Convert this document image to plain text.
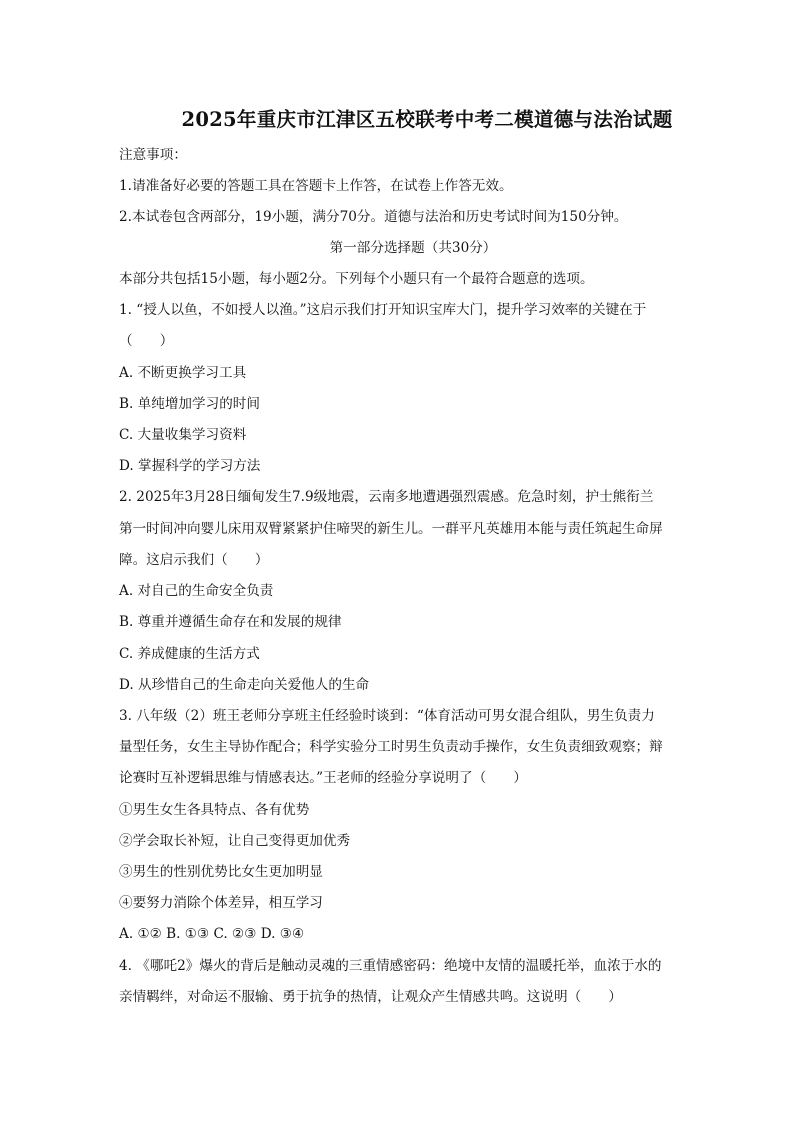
2025年重庆市江津区五校联考中考二模道德与法治试题

注意事项：

1.请准备好必要的答题工具在答题卡上作答，在试卷上作答无效。

2.本试卷包含两部分，19小题，满分70分。道德与法治和历史考试时间为150分钟。

第一部分选择题（共30分）

本部分共包括15小题，每小题2分。下列每个小题只有一个最符合题意的选项。

1. “授人以鱼，不如授人以渔。”这启示我们打开知识宝库大门，提升学习效率的关键在于

（　　）

A. 不断更换学习工具

B. 单纯增加学习的时间

C. 大量收集学习资料

D. 掌握科学的学习方法

2. 2025年3月28日缅甸发生7.9级地震，云南多地遭遇强烈震感。危急时刻，护士熊衔兰

第一时间冲向婴儿床用双臂紧紧护住啼哭的新生儿。一群平凡英雄用本能与责任筑起生命屏

障。这启示我们（　　）

A. 对自己的生命安全负责

B. 尊重并遵循生命存在和发展的规律

C. 养成健康的生活方式

D. 从珍惜自己的生命走向关爱他人的生命

3. 八年级（2）班王老师分享班主任经验时谈到：“体育活动可男女混合组队，男生负责力

量型任务，女生主导协作配合；科学实验分工时男生负责动手操作，女生负责细致观察；辩

论赛时互补逻辑思维与情感表达。”王老师的经验分享说明了（　　）

①男生女生各具特点、各有优势

②学会取长补短，让自己变得更加优秀

③男生的性别优势比女生更加明显

④要努力消除个体差异，相互学习

A. ①② B. ①③ C. ②③ D. ③④

4. 《哪吒2》爆火的背后是触动灵魂的三重情感密码：绝境中友情的温暖托举，血浓于水的

亲情羁绊，对命运不服输、勇于抗争的热情，让观众产生情感共鸣。这说明（　　）
